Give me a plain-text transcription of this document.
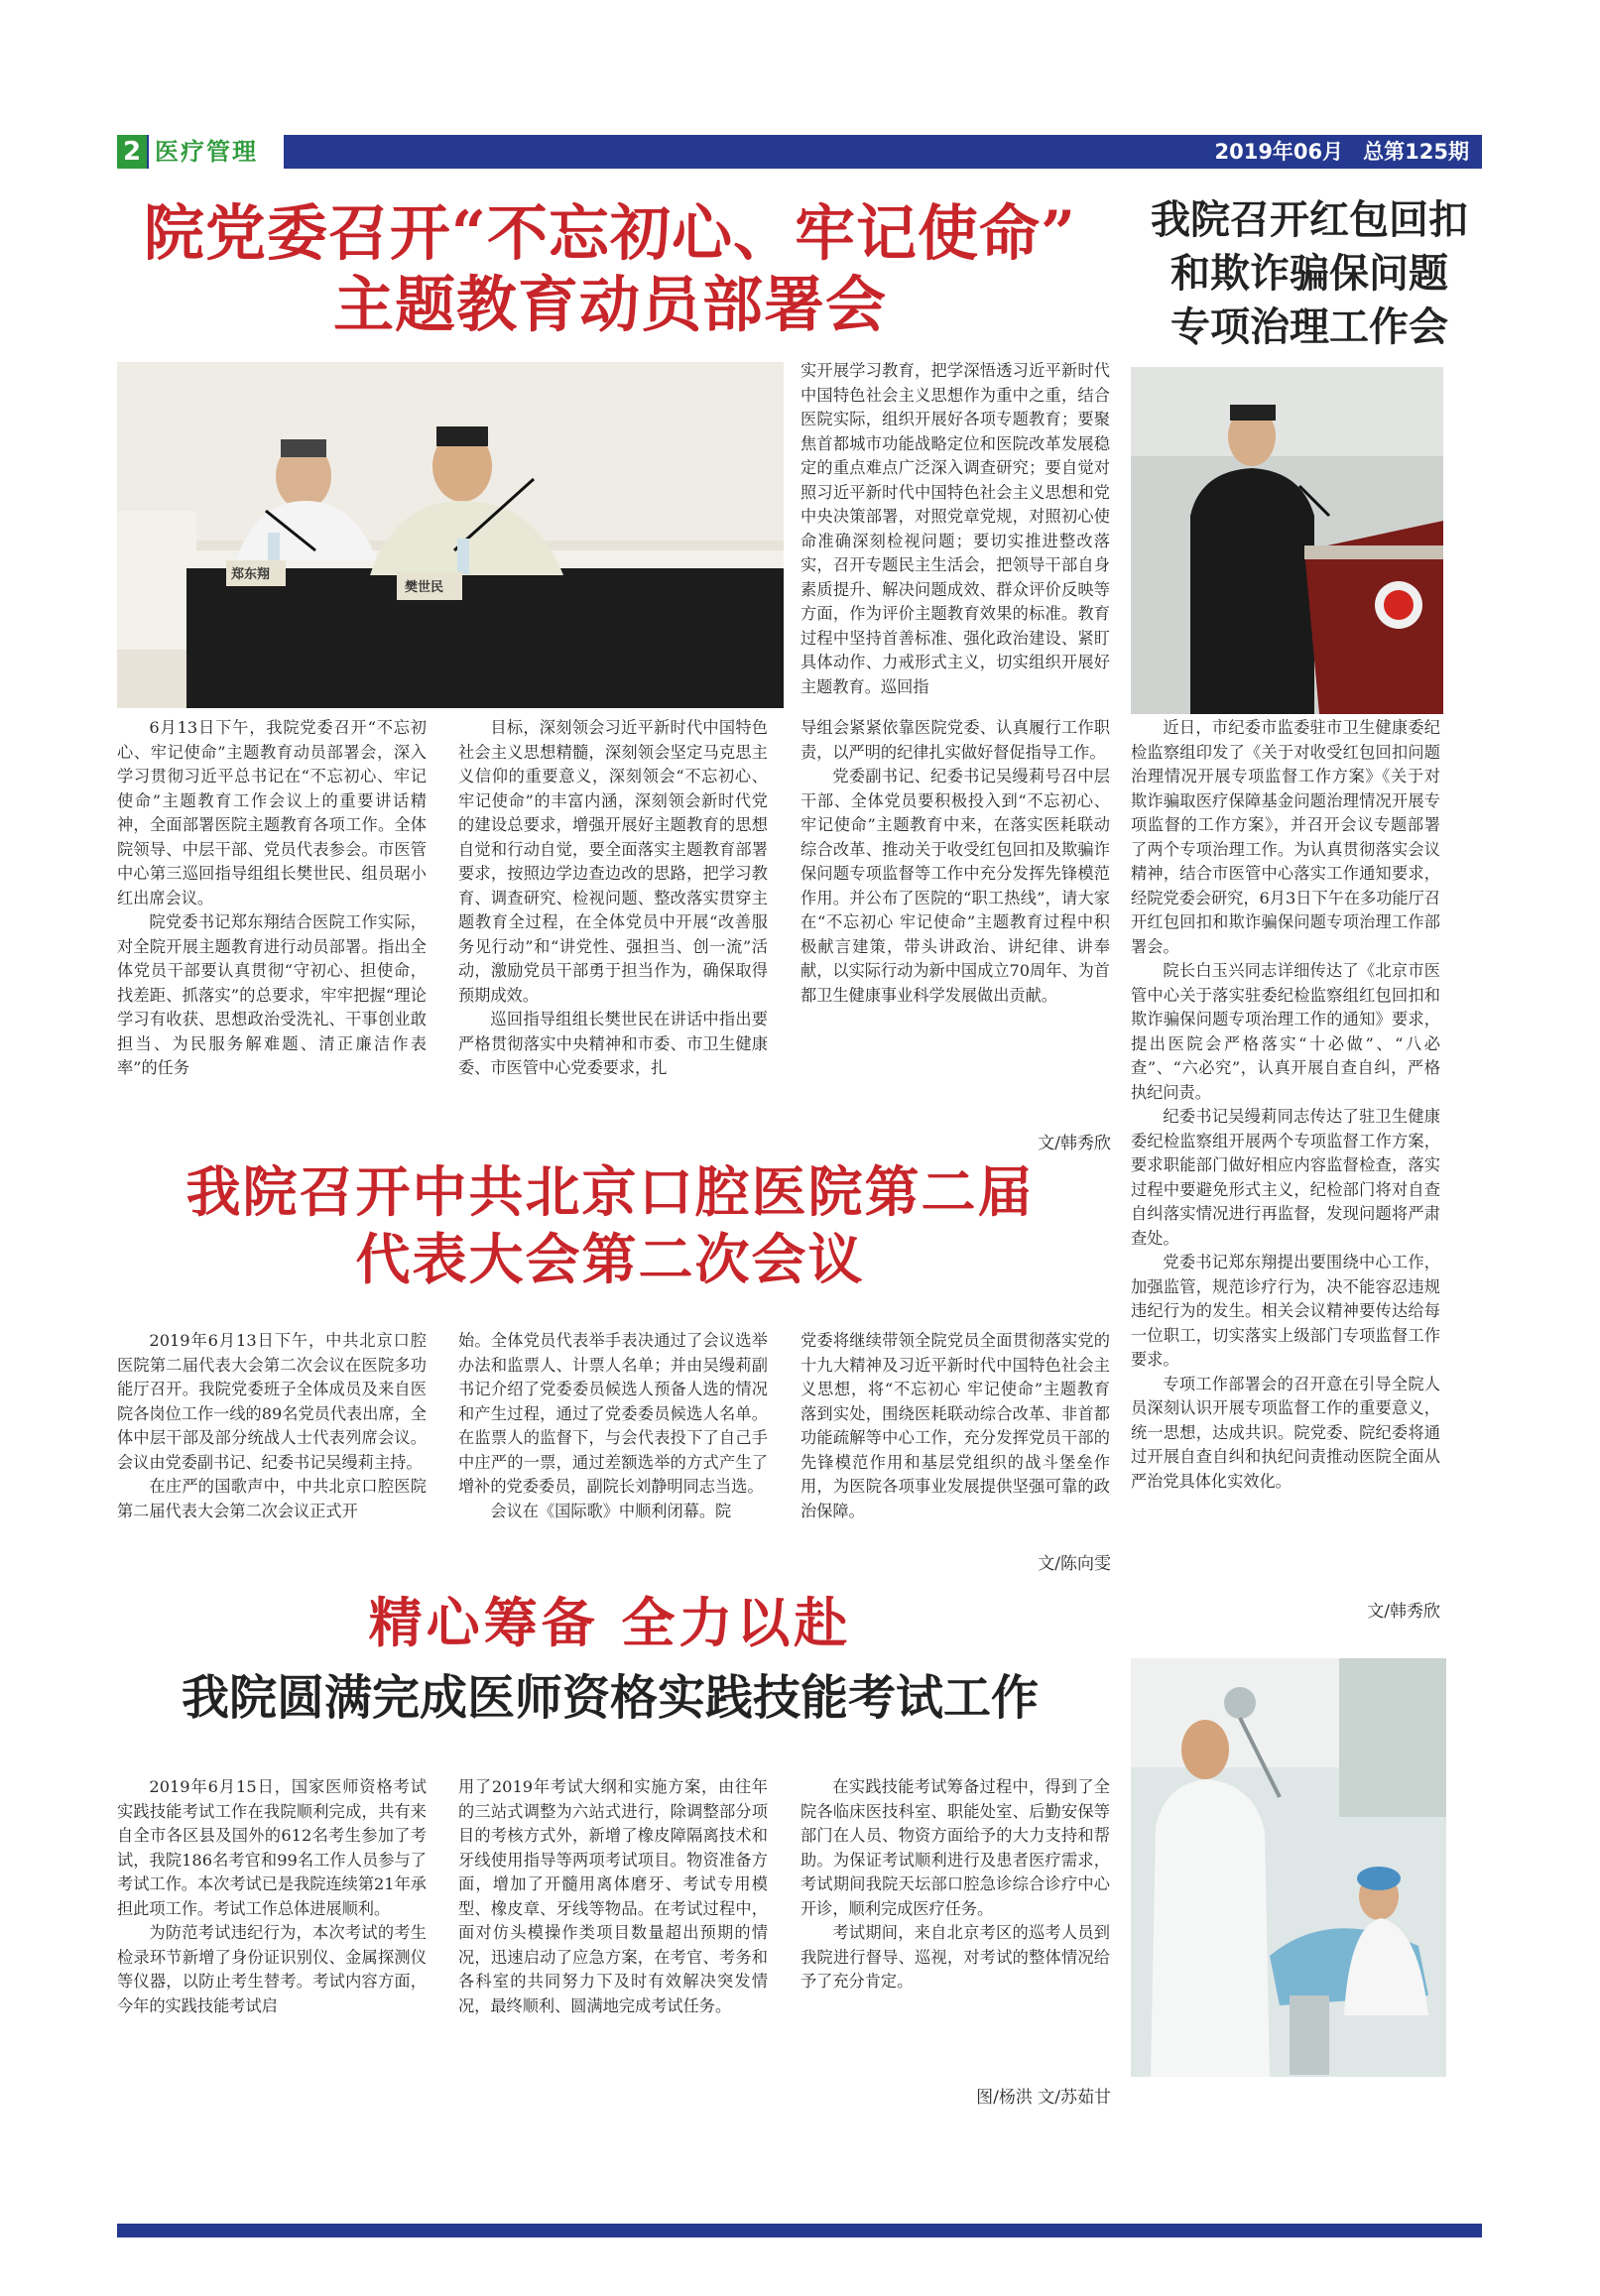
2 医疗管理	2019年06月 总第125期
院党委召开“不忘初心、牢记使命”
主题教育动员部署会
郑东翔
樊世民

实开展学习教育，把学深悟透习近平新时代中国特色社会主义思想作为重中之重，结合医院实际，组织开展好各项专题教育；要聚焦首都城市功能战略定位和医院改革发展稳定的重点难点广泛深入调查研究；要自觉对照习近平新时代中国特色社会主义思想和党中央决策部署，对照党章党规，对照初心使命准确深刻检视问题；要切实推进整改落实，召开专题民主生活会，把领导干部自身素质提升、解决问题成效、群众评价反映等方面，作为评价主题教育效果的标准。教育过程中坚持首善标准、强化政治建设、紧盯具体动作、力戒形式主义，切实组织开展好主题教育。巡回指

6月13日下午，我院党委召开“不忘初心、牢记使命”主题教育动员部署会，深入学习贯彻习近平总书记在“不忘初心、牢记使命”主题教育工作会议上的重要讲话精神，全面部署医院主题教育各项工作。全体院领导、中层干部、党员代表参会。市医管中心第三巡回指导组组长樊世民、组员琚小红出席会议。

院党委书记郑东翔结合医院工作实际，对全院开展主题教育进行动员部署。指出全体党员干部要认真贯彻“守初心、担使命，找差距、抓落实”的总要求，牢牢把握“理论学习有收获、思想政治受洗礼、干事创业敢担当、为民服务解难题、清正廉洁作表率”的任务

目标，深刻领会习近平新时代中国特色社会主义思想精髓，深刻领会坚定马克思主义信仰的重要意义，深刻领会“不忘初心、牢记使命”的丰富内涵，深刻领会新时代党的建设总要求，增强开展好主题教育的思想自觉和行动自觉，要全面落实主题教育部署要求，按照边学边查边改的思路，把学习教育、调查研究、检视问题、整改落实贯穿主题教育全过程，在全体党员中开展“改善服务见行动”和“讲党性、强担当、创一流”活动，激励党员干部勇于担当作为，确保取得预期成效。

巡回指导组组长樊世民在讲话中指出要严格贯彻落实中央精神和市委、市卫生健康委、市医管中心党委要求，扎

导组会紧紧依靠医院党委、认真履行工作职责，以严明的纪律扎实做好督促指导工作。

党委副书记、纪委书记吴缦莉号召中层干部、全体党员要积极投入到“不忘初心、牢记使命”主题教育中来，在落实医耗联动综合改革、推动关于收受红包回扣及欺骗诈保问题专项监督等工作中充分发挥先锋模范作用。并公布了医院的“职工热线”，请大家在“不忘初心 牢记使命”主题教育过程中积极献言建策，带头讲政治、讲纪律、讲奉献，以实际行动为新中国成立70周年、为首都卫生健康事业科学发展做出贡献。

文/韩秀欣
我院召开中共北京口腔医院第二届
代表大会第二次会议

2019年6月13日下午，中共北京口腔医院第二届代表大会第二次会议在医院多功能厅召开。我院党委班子全体成员及来自医院各岗位工作一线的89名党员代表出席，全体中层干部及部分统战人士代表列席会议。会议由党委副书记、纪委书记吴缦莉主持。

在庄严的国歌声中，中共北京口腔医院第二届代表大会第二次会议正式开

始。全体党员代表举手表决通过了会议选举办法和监票人、计票人名单；并由吴缦莉副书记介绍了党委委员候选人预备人选的情况和产生过程，通过了党委委员候选人名单。在监票人的监督下，与会代表投下了自己手中庄严的一票，通过差额选举的方式产生了增补的党委委员，副院长刘静明同志当选。

会议在《国际歌》中顺利闭幕。院

党委将继续带领全院党员全面贯彻落实党的十九大精神及习近平新时代中国特色社会主义思想，将“不忘初心 牢记使命”主题教育落到实处，围绕医耗联动综合改革、非首都功能疏解等中心工作，充分发挥党员干部的先锋模范作用和基层党组织的战斗堡垒作用，为医院各项事业发展提供坚强可靠的政治保障。

文/陈向雯
精心筹备 全力以赴
我院圆满完成医师资格实践技能考试工作

2019年6月15日，国家医师资格考试实践技能考试工作在我院顺利完成，共有来自全市各区县及国外的612名考生参加了考试，我院186名考官和99名工作人员参与了考试工作。本次考试已是我院连续第21年承担此项工作。考试工作总体进展顺利。

为防范考试违纪行为，本次考试的考生检录环节新增了身份证识别仪、金属探测仪等仪器，以防止考生替考。考试内容方面，今年的实践技能考试启

用了2019年考试大纲和实施方案，由往年的三站式调整为六站式进行，除调整部分项目的考核方式外，新增了橡皮障隔离技术和牙线使用指导等两项考试项目。物资准备方面，增加了开髓用离体磨牙、考试专用模型、橡皮章、牙线等物品。在考试过程中，面对仿头模操作类项目数量超出预期的情况，迅速启动了应急方案，在考官、考务和各科室的共同努力下及时有效解决突发情况，最终顺利、圆满地完成考试任务。

在实践技能考试筹备过程中，得到了全院各临床医技科室、职能处室、后勤安保等部门在人员、物资方面给予的大力支持和帮助。为保证考试顺利进行及患者医疗需求，考试期间我院天坛部口腔急诊综合诊疗中心开诊，顺利完成医疗任务。

考试期间，来自北京考区的巡考人员到我院进行督导、巡视，对考试的整体情况给予了充分肯定。

图/杨洪 文/苏茹甘
我院召开红包回扣
和欺诈骗保问题
专项治理工作会

近日，市纪委市监委驻市卫生健康委纪检监察组印发了《关于对收受红包回扣问题治理情况开展专项监督工作方案》《关于对欺诈骗取医疗保障基金问题治理情况开展专项监督的工作方案》，并召开会议专题部署了两个专项治理工作。为认真贯彻落实会议精神，结合市医管中心落实工作通知要求，经院党委会研究，6月3日下午在多功能厅召开红包回扣和欺诈骗保问题专项治理工作部署会。

院长白玉兴同志详细传达了《北京市医管中心关于落实驻委纪检监察组红包回扣和欺诈骗保问题专项治理工作的通知》要求，提出医院会严格落实“十必做”、“八必查”、“六必究”，认真开展自查自纠，严格执纪问责。

纪委书记吴缦莉同志传达了驻卫生健康委纪检监察组开展两个专项监督工作方案，要求职能部门做好相应内容监督检查，落实过程中要避免形式主义，纪检部门将对自查自纠落实情况进行再监督，发现问题将严肃查处。

党委书记郑东翔提出要围绕中心工作，加强监管，规范诊疗行为，决不能容忍违规违纪行为的发生。相关会议精神要传达给每一位职工，切实落实上级部门专项监督工作要求。

专项工作部署会的召开意在引导全院人员深刻认识开展专项监督工作的重要意义，统一思想，达成共识。院党委、院纪委将通过开展自查自纠和执纪问责推动医院全面从严治党具体化实效化。

文/韩秀欣
